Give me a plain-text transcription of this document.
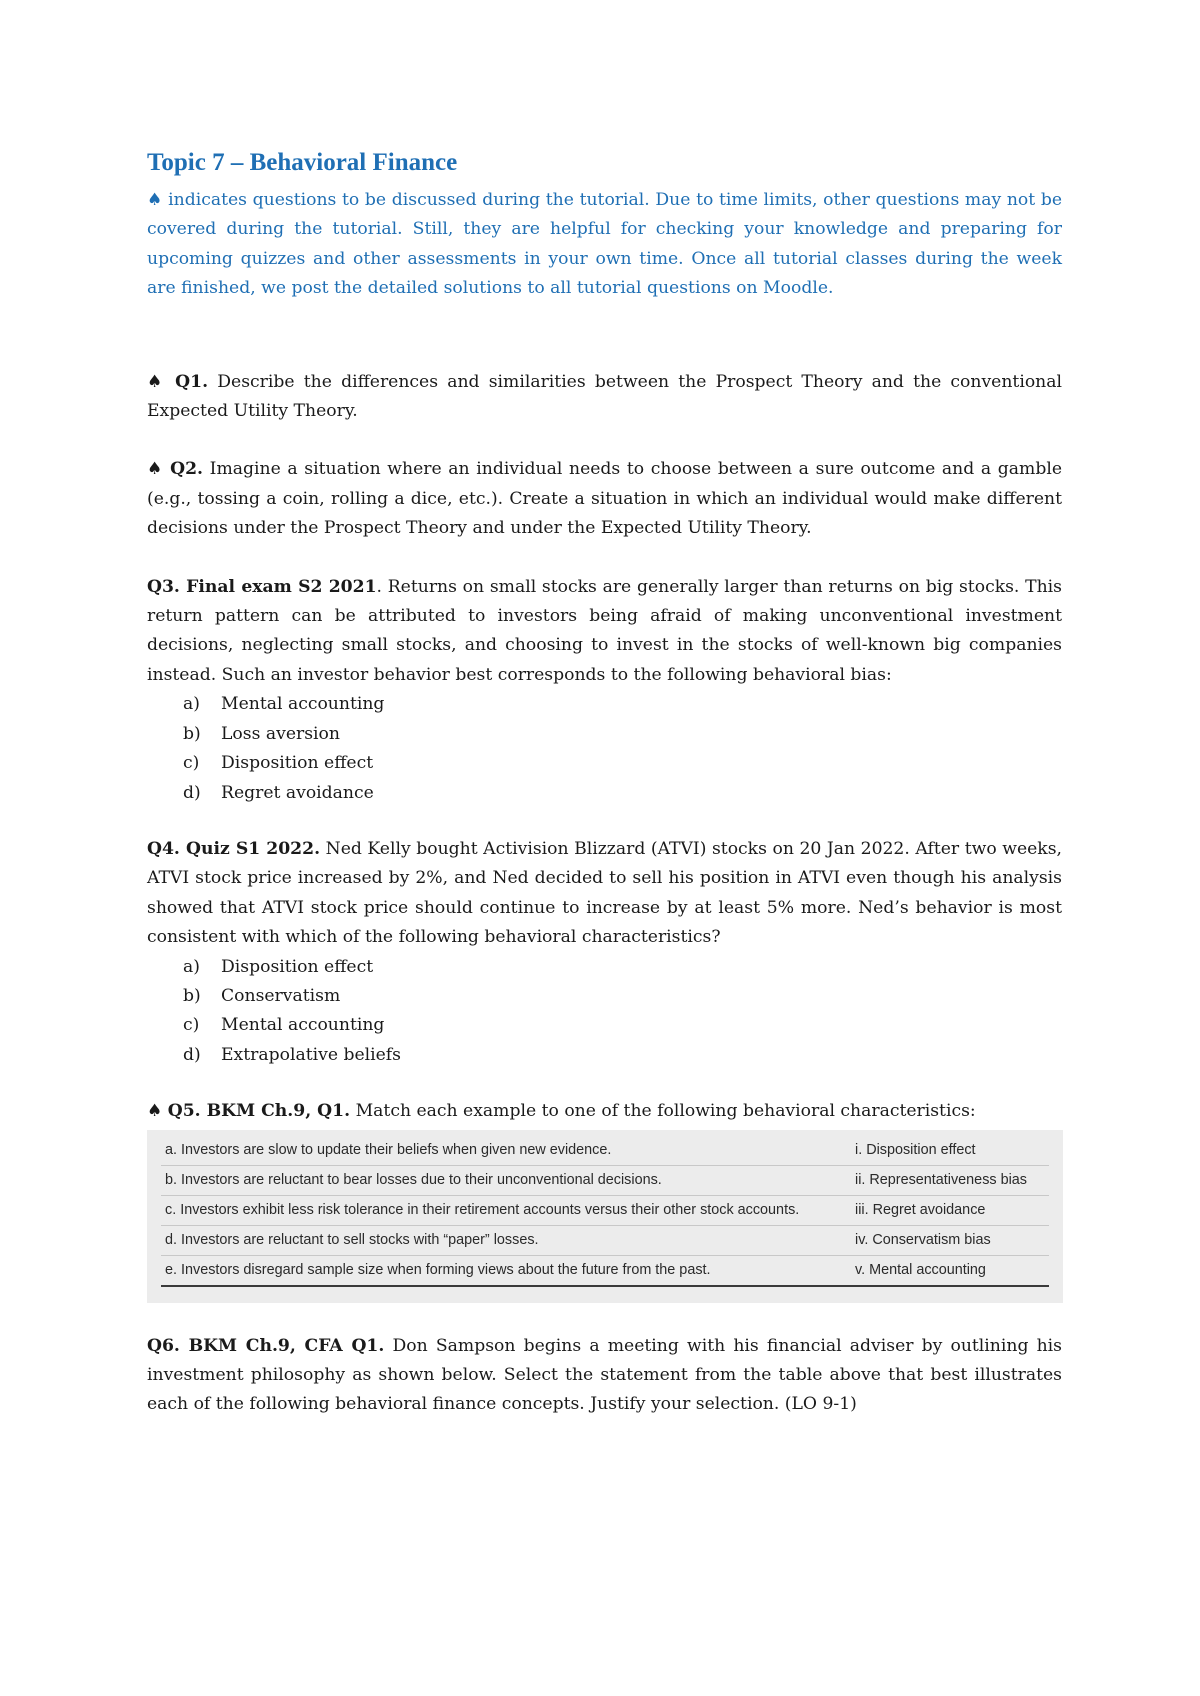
Topic 7 – Behavioral Finance

♠ indicates questions to be discussed during the tutorial. Due to time limits, other questions may not be covered during the tutorial. Still, they are helpful for checking your knowledge and preparing for upcoming quizzes and other assessments in your own time. Once all tutorial classes during the week are finished, we post the detailed solutions to all tutorial questions on Moodle.

♠ Q1. Describe the differences and similarities between the Prospect Theory and the conventional Expected Utility Theory.

♠ Q2. Imagine a situation where an individual needs to choose between a sure outcome and a gamble (e.g., tossing a coin, rolling a dice, etc.). Create a situation in which an individual would make different decisions under the Prospect Theory and under the Expected Utility Theory.

Q3. Final exam S2 2021. Returns on small stocks are generally larger than returns on big stocks. This return pattern can be attributed to investors being afraid of making unconventional investment decisions, neglecting small stocks, and choosing to invest in the stocks of well-known big companies instead. Such an investor behavior best corresponds to the following behavioral bias:

a)	Mental accounting
b)	Loss aversion
c)	Disposition effect
d)	Regret avoidance

Q4. Quiz S1 2022. Ned Kelly bought Activision Blizzard (ATVI) stocks on 20 Jan 2022. After two weeks, ATVI stock price increased by 2%, and Ned decided to sell his position in ATVI even though his analysis showed that ATVI stock price should continue to increase by at least 5% more. Ned’s behavior is most consistent with which of the following behavioral characteristics?

a)	Disposition effect
b)	Conservatism
c)	Mental accounting
d)	Extrapolative beliefs

♠ Q5. BKM Ch.9, Q1. Match each example to one of the following behavioral characteristics:

a. Investors are slow to update their beliefs when given new evidence.	i. Disposition effect
b. Investors are reluctant to bear losses due to their unconventional decisions.	ii. Representativeness bias
c. Investors exhibit less risk tolerance in their retirement accounts versus their other stock accounts.	iii. Regret avoidance
d. Investors are reluctant to sell stocks with “paper” losses.	iv. Conservatism bias
e. Investors disregard sample size when forming views about the future from the past.	v. Mental accounting

Q6. BKM Ch.9, CFA Q1. Don Sampson begins a meeting with his financial adviser by outlining his investment philosophy as shown below. Select the statement from the table above that best illustrates each of the following behavioral finance concepts. Justify your selection. (LO 9-1)
